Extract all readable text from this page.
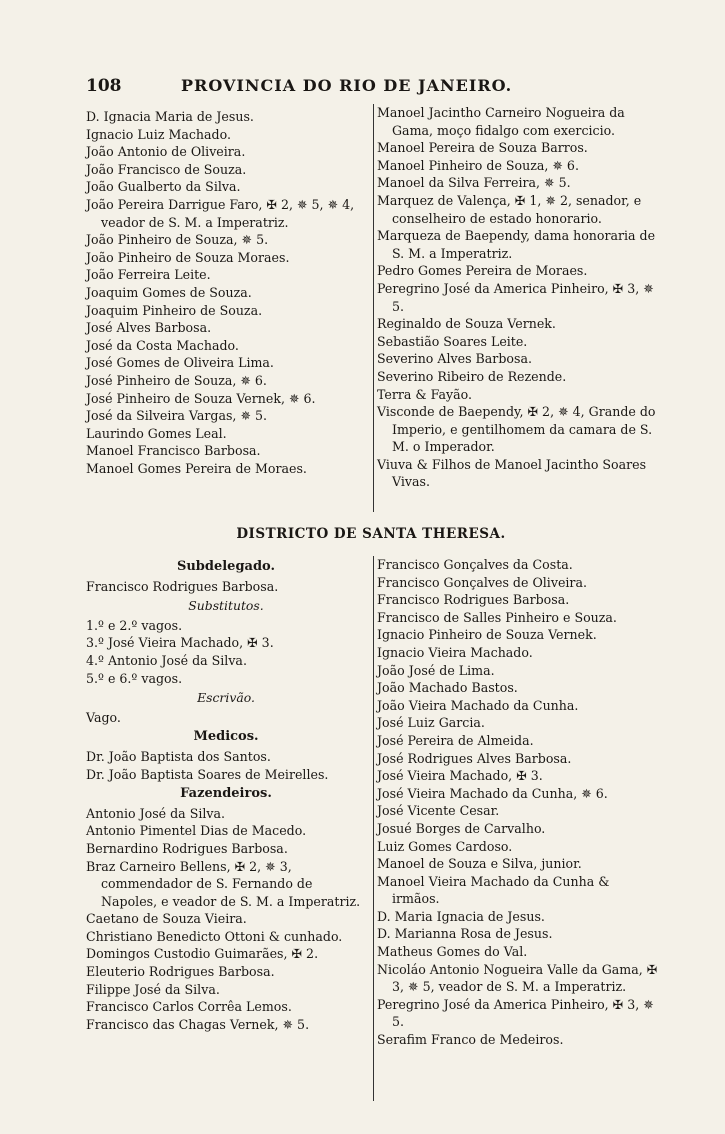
108	PROVINCIA DO RIO DE JANEIRO.
D. Ignacia Maria de Jesus.
Ignacio Luiz Machado.
João Antonio de Oliveira.
João Francisco de Souza.
João Gualberto da Silva.
João Pereira Darrigue Faro, ✠ 2, ✵ 5, ✵ 4, veador de S. M. a Imperatriz.
João Pinheiro de Souza, ✵ 5.
João Pinheiro de Souza Moraes.
João Ferreira Leite.
Joaquim Gomes de Souza.
Joaquim Pinheiro de Souza.
José Alves Barbosa.
José da Costa Machado.
José Gomes de Oliveira Lima.
José Pinheiro de Souza, ✵ 6.
José Pinheiro de Souza Vernek, ✵ 6.
José da Silveira Vargas, ✵ 5.
Laurindo Gomes Leal.
Manoel Francisco Barbosa.
Manoel Gomes Pereira de Moraes.
Manoel Jacintho Carneiro Nogueira da Gama, moço fidalgo com exercicio.
Manoel Pereira de Souza Barros.
Manoel Pinheiro de Souza, ✵ 6.
Manoel da Silva Ferreira, ✵ 5.
Marquez de Valença, ✠ 1, ✵ 2, senador, e conselheiro de estado honorario.
Marqueza de Baependy, dama honoraria de S. M. a Imperatriz.
Pedro Gomes Pereira de Moraes.
Peregrino José da America Pinheiro, ✠ 3, ✵ 5.
Reginaldo de Souza Vernek.
Sebastião Soares Leite.
Severino Alves Barbosa.
Severino Ribeiro de Rezende.
Terra & Fayão.
Visconde de Baependy, ✠ 2, ✵ 4, Grande do Imperio, e gentilhomem da camara de S. M. o Imperador.
Viuva & Filhos de Manoel Jacintho Soares Vivas.
DISTRICTO DE SANTA THERESA.
Subdelegado.
Francisco Rodrigues Barbosa.
Substitutos.
1.º e 2.º vagos.
3.º José Vieira Machado, ✠ 3.
4.º Antonio José da Silva.
5.º e 6.º vagos.
Escrivão.
Vago.
Medicos.
Dr. João Baptista dos Santos.
Dr. João Baptista Soares de Meirelles.
Fazendeiros.
Antonio José da Silva.
Antonio Pimentel Dias de Macedo.
Bernardino Rodrigues Barbosa.
Braz Carneiro Bellens, ✠ 2, ✵ 3, commendador de S. Fernando de Napoles, e veador de S. M. a Imperatriz.
Caetano de Souza Vieira.
Christiano Benedicto Ottoni & cunhado.
Domingos Custodio Guimarães, ✠ 2.
Eleuterio Rodrigues Barbosa.
Filippe José da Silva.
Francisco Carlos Corrêa Lemos.
Francisco das Chagas Vernek, ✵ 5.
Francisco Gonçalves da Costa.
Francisco Gonçalves de Oliveira.
Francisco Rodrigues Barbosa.
Francisco de Salles Pinheiro e Souza.
Ignacio Pinheiro de Souza Vernek.
Ignacio Vieira Machado.
João José de Lima.
João Machado Bastos.
João Vieira Machado da Cunha.
José Luiz Garcia.
José Pereira de Almeida.
José Rodrigues Alves Barbosa.
José Vieira Machado, ✠ 3.
José Vieira Machado da Cunha, ✵ 6.
José Vicente Cesar.
Josué Borges de Carvalho.
Luiz Gomes Cardoso.
Manoel de Souza e Silva, junior.
Manoel Vieira Machado da Cunha & irmãos.
D. Maria Ignacia de Jesus.
D. Marianna Rosa de Jesus.
Matheus Gomes do Val.
Nicoláo Antonio Nogueira Valle da Gama, ✠ 3, ✵ 5, veador de S. M. a Imperatriz.
Peregrino José da America Pinheiro, ✠ 3, ✵ 5.
Serafim Franco de Medeiros.
